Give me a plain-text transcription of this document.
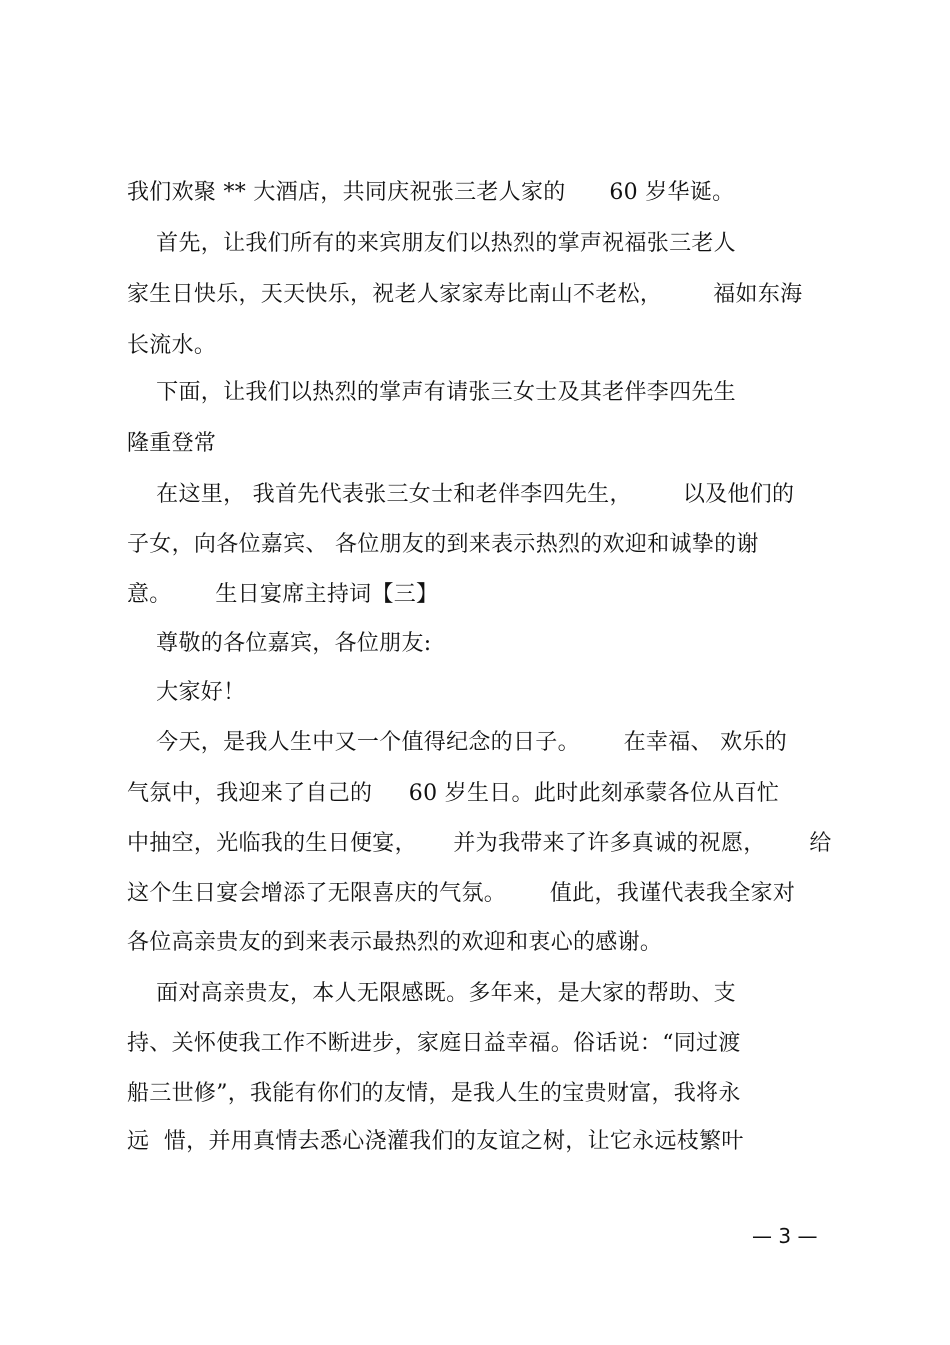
我们欢聚 ** 大酒店，共同庆祝张三老人家的      60 岁华诞。
首先，让我们所有的来宾朋友们以热烈的掌声祝福张三老人
家生日快乐，天天快乐，祝老人家家寿比南山不老松，       福如东海
长流水。
下面，让我们以热烈的掌声有请张三女士及其老伴李四先生
隆重登常
在这里， 我首先代表张三女士和老伴李四先生，       以及他们的
子女，向各位嘉宾、 各位朋友的到来表示热烈的欢迎和诚挚的谢
意。      生日宴席主持词【三】
尊敬的各位嘉宾，各位朋友:
大家好！
今天，是我人生中又一个值得纪念的日子。      在幸福、 欢乐的
气氛中，我迎来了自己的     60 岁生日。此时此刻承蒙各位从百忙
中抽空，光临我的生日便宴，     并为我带来了许多真诚的祝愿，      给
这个生日宴会增添了无限喜庆的气氛。      值此，我谨代表我全家对
各位高亲贵友的到来表示最热烈的欢迎和衷心的感谢。
面对高亲贵友，本人无限感既。多年来，是大家的帮助、支
持、关怀使我工作不断进步，家庭日益幸福。俗话说：“同过渡
船三世修”，我能有你们的友情，是我人生的宝贵财富，我将永
远  惜，并用真情去悉心浇灌我们的友谊之树，让它永远枝繁叶
— 3 —
